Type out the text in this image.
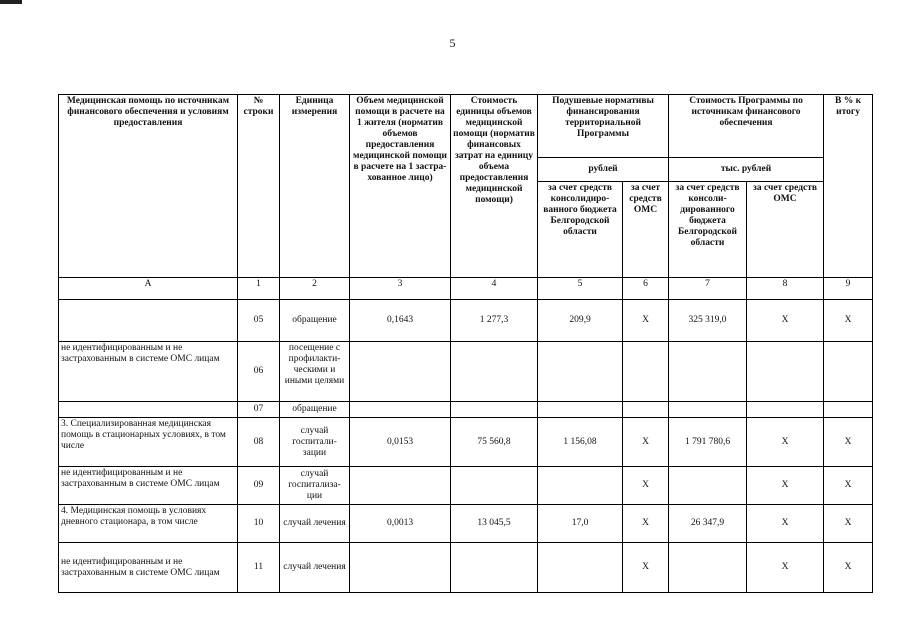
5
Медицинская помощь по источникам финансового обеспечения и условиям предоставления	№ строки	Единица измерения	Объем медицинской помощи в расчете на 1 жителя (норматив объемов предоставления медицинской помощи в расчете на 1 застра-хованное лицо)	Стоимость единицы объемов медицинской помощи (норматив финансовых затрат на единицу объема предоставления медицинской помощи)	Подушевые нормативы финансирования территориальной Программы		Стоимость Программы по источникам финансового обеспечения		В % к итогу
					рублей		тыс. рублей		
					за счет средств консолидиро-ванного бюджета Белгородской области	за счет средств ОМС	за счет средств консоли-дированного бюджета Белгородской области	за счет средств ОМС	
А	1	2	3	4	5	6	7	8	9
	05	обращение	0,1643	1 277,3	209,9	Х	325 319,0	Х	Х
не идентифицированным и не застрахованным в системе ОМС лицам	06	посещение с профилакти-ческими и иными целями							
	07	обращение							
3. Специализированная медицинская помощь в стационарных условиях, в том числе	08	случай госпитали-зации	0,0153	75 560,8	1 156,08	Х	1 791 780,6	Х	Х
не идентифицированным и не застрахованным в системе ОМС лицам	09	случай госпитализа-ции				Х		Х	Х
4. Медицинская помощь в условиях дневного стационара, в том числе	10	случай лечения	0,0013	13 045,5	17,0	Х	26 347,9	Х	Х
не идентифицированным и не застрахованным в системе ОМС лицам	11	случай лечения				Х		Х	Х
